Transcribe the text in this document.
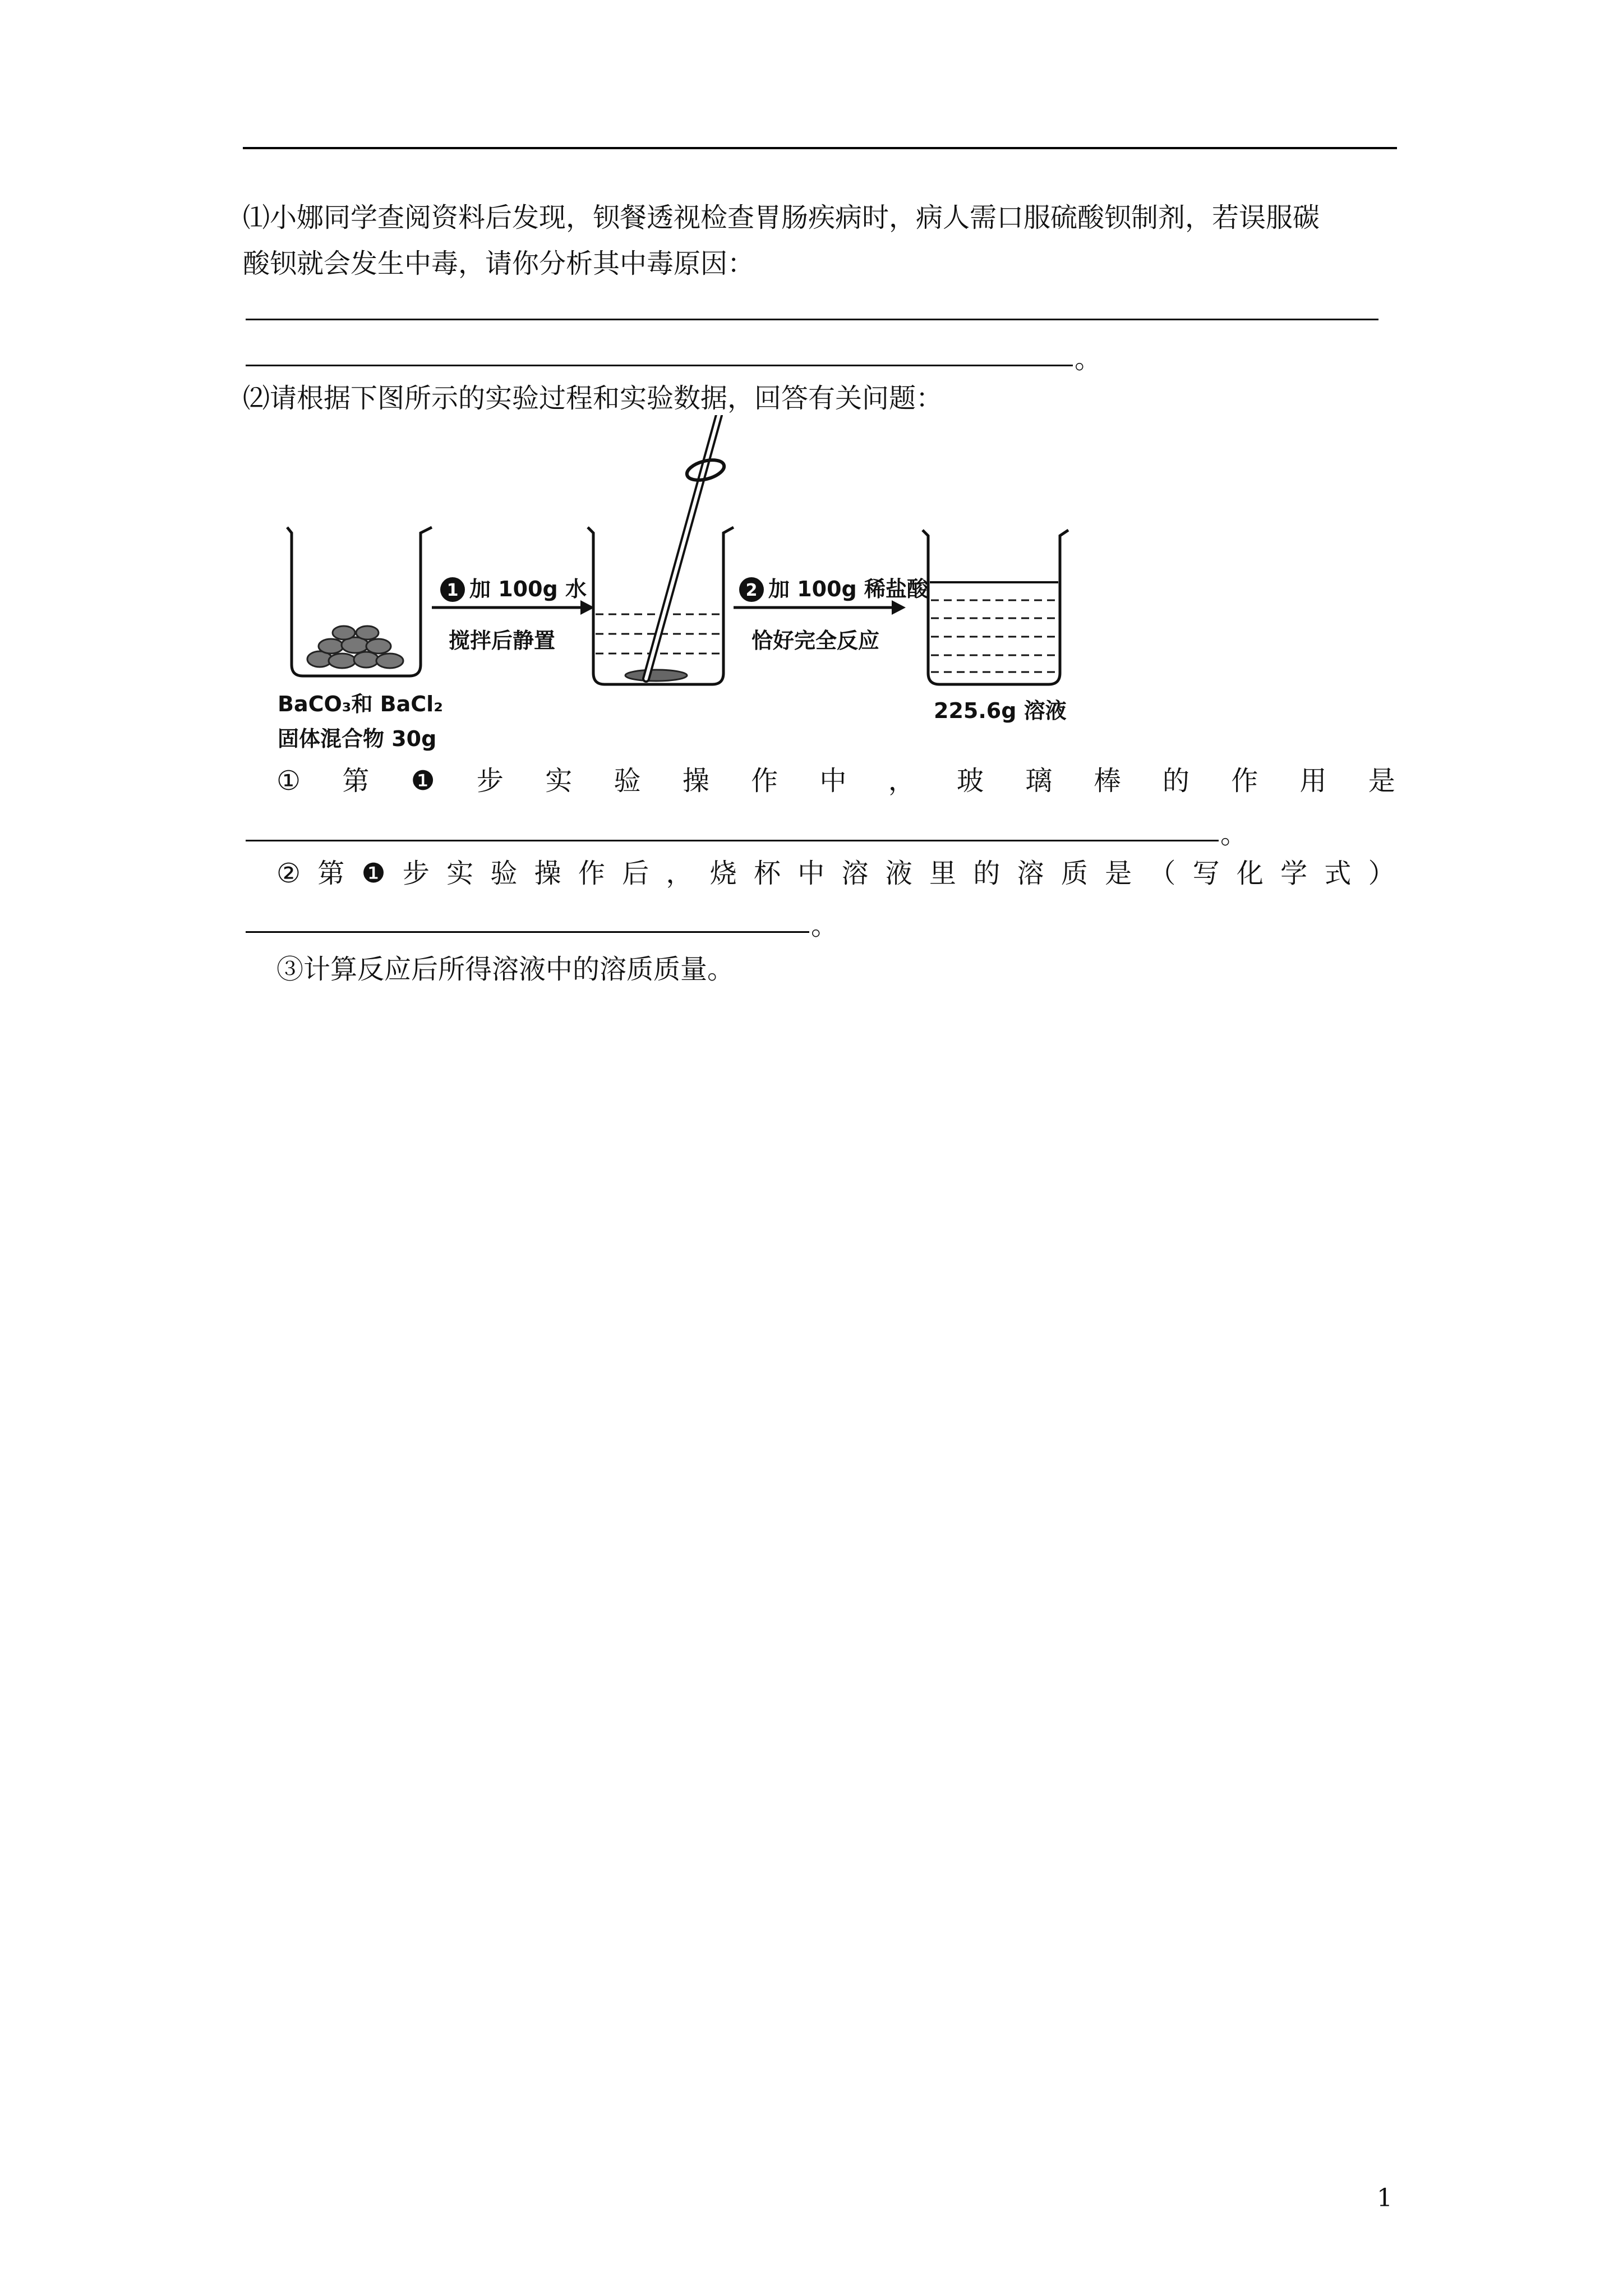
⑴小娜同学查阅资料后发现，钡餐透视检查胃肠疾病时，病人需口服硫酸钡制剂，若误服碳
酸钡就会发生中毒，请你分析其中毒原因：
。
⑵请根据下图所示的实验过程和实验数据，回答有关问题：
1 加 100g 水
搅拌后静置
2 加 100g 稀盐酸
恰好完全反应
BaCO₃和 BaCl₂
固体混合物 30g
225.6g 溶液
① 第 ❶ 步 实 验 操 作 中 ， 玻 璃 棒 的 作 用 是
。
② 第 ❶ 步 实 验 操 作 后 ， 烧 杯 中 溶 液 里 的 溶 质 是 （ 写 化 学 式 ）
。
③计算反应后所得溶液中的溶质质量。
1
